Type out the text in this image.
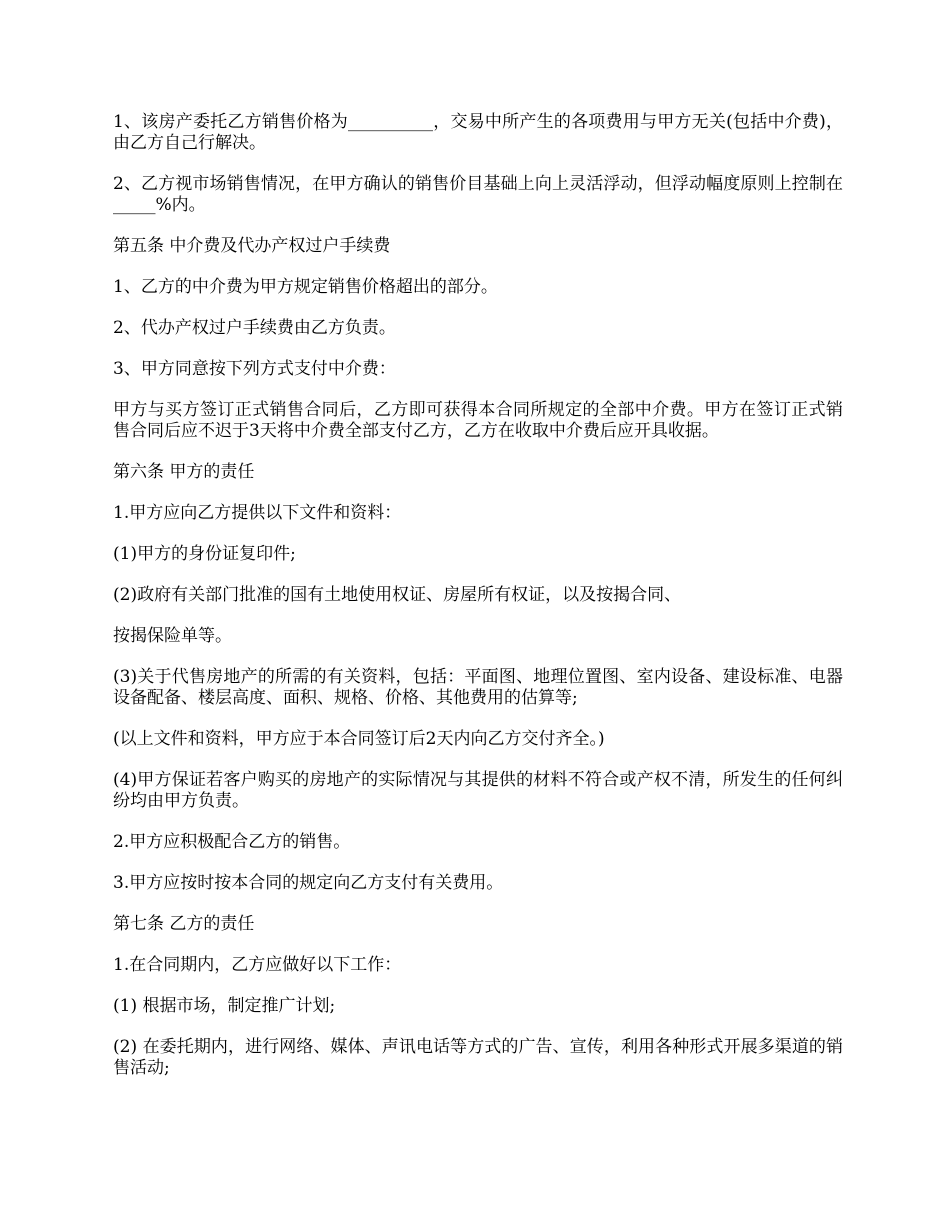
1、该房产委托乙方销售价格为__________，交易中所产生的各项费用与甲方无关(包括中介费)，由乙方自己行解决。

2、乙方视市场销售情况，在甲方确认的销售价目基础上向上灵活浮动，但浮动幅度原则上控制在_____%内。

第五条 中介费及代办产权过户手续费

1、乙方的中介费为甲方规定销售价格超出的部分。

2、代办产权过户手续费由乙方负责。

3、甲方同意按下列方式支付中介费：

甲方与买方签订正式销售合同后，乙方即可获得本合同所规定的全部中介费。甲方在签订正式销售合同后应不迟于3天将中介费全部支付乙方，乙方在收取中介费后应开具收据。

第六条 甲方的责任

1.甲方应向乙方提供以下文件和资料：

(1)甲方的身份证复印件;

(2)政府有关部门批准的国有土地使用权证、房屋所有权证，以及按揭合同、

按揭保险单等。

(3)关于代售房地产的所需的有关资料，包括：平面图、地理位置图、室内设备、建设标准、电器设备配备、楼层高度、面积、规格、价格、其他费用的估算等;

(以上文件和资料，甲方应于本合同签订后2天内向乙方交付齐全。)

(4)甲方保证若客户购买的房地产的实际情况与其提供的材料不符合或产权不清，所发生的任何纠纷均由甲方负责。

2.甲方应积极配合乙方的销售。

3.甲方应按时按本合同的规定向乙方支付有关费用。

第七条 乙方的责任

1.在合同期内，乙方应做好以下工作：

(1) 根据市场，制定推广计划;

(2) 在委托期内，进行网络、媒体、声讯电话等方式的广告、宣传，利用各种形式开展多渠道的销售活动;
